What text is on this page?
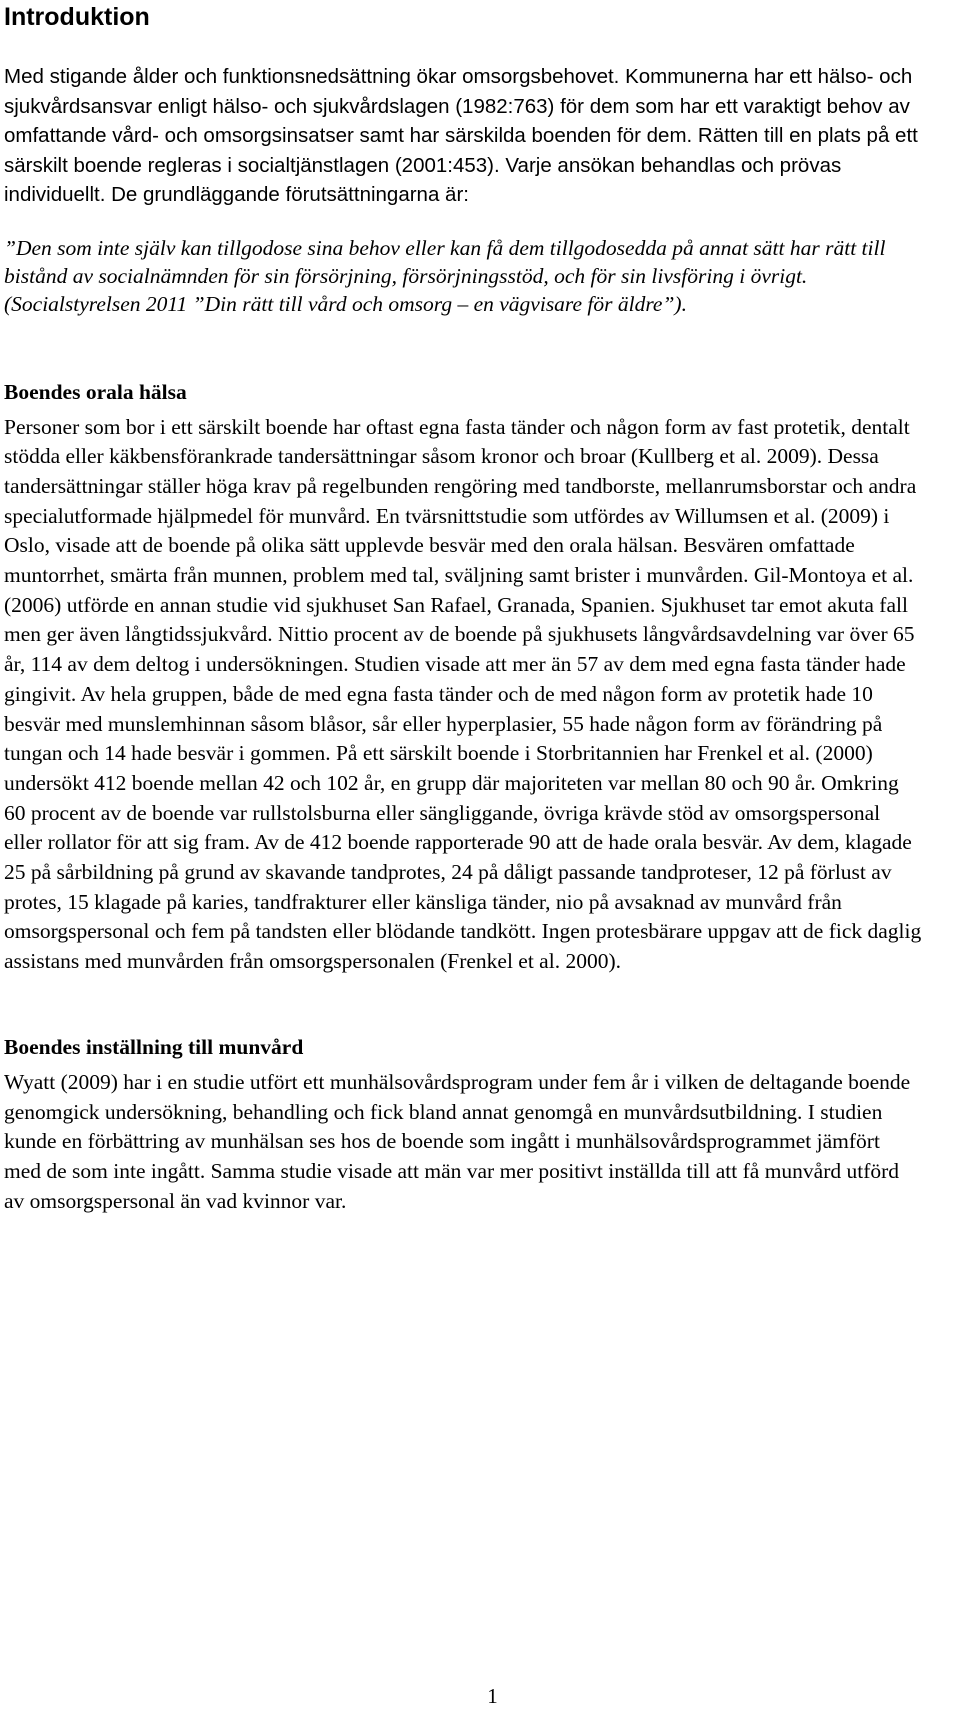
Introduktion

Med stigande ålder och funktionsnedsättning ökar omsorgsbehovet. Kommunerna har ett hälso- och sjukvårdsansvar enligt hälso- och sjukvårdslagen (1982:763) för dem som har ett varaktigt behov av omfattande vård- och omsorgsinsatser samt har särskilda boenden för dem. Rätten till en plats på ett särskilt boende regleras i socialtjänstlagen (2001:453). Varje ansökan behandlas och prövas individuellt. De grundläggande förutsättningarna är:

”Den som inte själv kan tillgodose sina behov eller kan få dem tillgodosedda på annat sätt har rätt till bistånd av socialnämnden för sin försörjning, försörjningsstöd, och för sin livsföring i övrigt. (Socialstyrelsen 2011 ”Din rätt till vård och omsorg – en vägvisare för äldre”).

Boendes orala hälsa

Personer som bor i ett särskilt boende har oftast egna fasta tänder och någon form av fast protetik, dentalt stödda eller käkbensförankrade tandersättningar såsom kronor och broar (Kullberg et al. 2009). Dessa tandersättningar ställer höga krav på regelbunden rengöring med tandborste, mellanrumsborstar och andra specialutformade hjälpmedel för munvård. En tvärsnittstudie som utfördes av Willumsen et al. (2009) i Oslo, visade att de boende på olika sätt upplevde besvär med den orala hälsan. Besvären omfattade muntorrhet, smärta från munnen, problem med tal, sväljning samt brister i munvården. Gil-Montoya et al. (2006) utförde en annan studie vid sjukhuset San Rafael, Granada, Spanien. Sjukhuset tar emot akuta fall men ger även långtidssjukvård. Nittio procent av de boende på sjukhusets långvårdsavdelning var över 65 år, 114 av dem deltog i undersökningen. Studien visade att mer än 57 av dem med egna fasta tänder hade gingivit. Av hela gruppen, både de med egna fasta tänder och de med någon form av protetik hade 10 besvär med munslemhinnan såsom blåsor, sår eller hyperplasier, 55 hade någon form av förändring på tungan och 14 hade besvär i gommen. På ett särskilt boende i Storbritannien har Frenkel et al. (2000) undersökt 412 boende mellan 42 och 102 år, en grupp där majoriteten var mellan 80 och 90 år. Omkring 60 procent av de boende var rullstolsburna eller sängliggande, övriga krävde stöd av omsorgspersonal eller rollator för att sig fram. Av de 412 boende rapporterade 90 att de hade orala besvär. Av dem, klagade 25 på sårbildning på grund av skavande tandprotes, 24 på dåligt passande tandproteser, 12 på förlust av protes, 15 klagade på karies, tandfrakturer eller känsliga tänder, nio på avsaknad av munvård från omsorgspersonal och fem på tandsten eller blödande tandkött. Ingen protesbärare uppgav att de fick daglig assistans med munvården från omsorgspersonalen (Frenkel et al. 2000).

Boendes inställning till munvård

Wyatt (2009) har i en studie utfört ett munhälsovårdsprogram under fem år i vilken de deltagande boende genomgick undersökning, behandling och fick bland annat genomgå en munvårdsutbildning. I studien kunde en förbättring av munhälsan ses hos de boende som ingått i munhälsovårdsprogrammet jämfört med de som inte ingått. Samma studie visade att män var mer positivt inställda till att få munvård utförd av omsorgspersonal än vad kvinnor var.

1
